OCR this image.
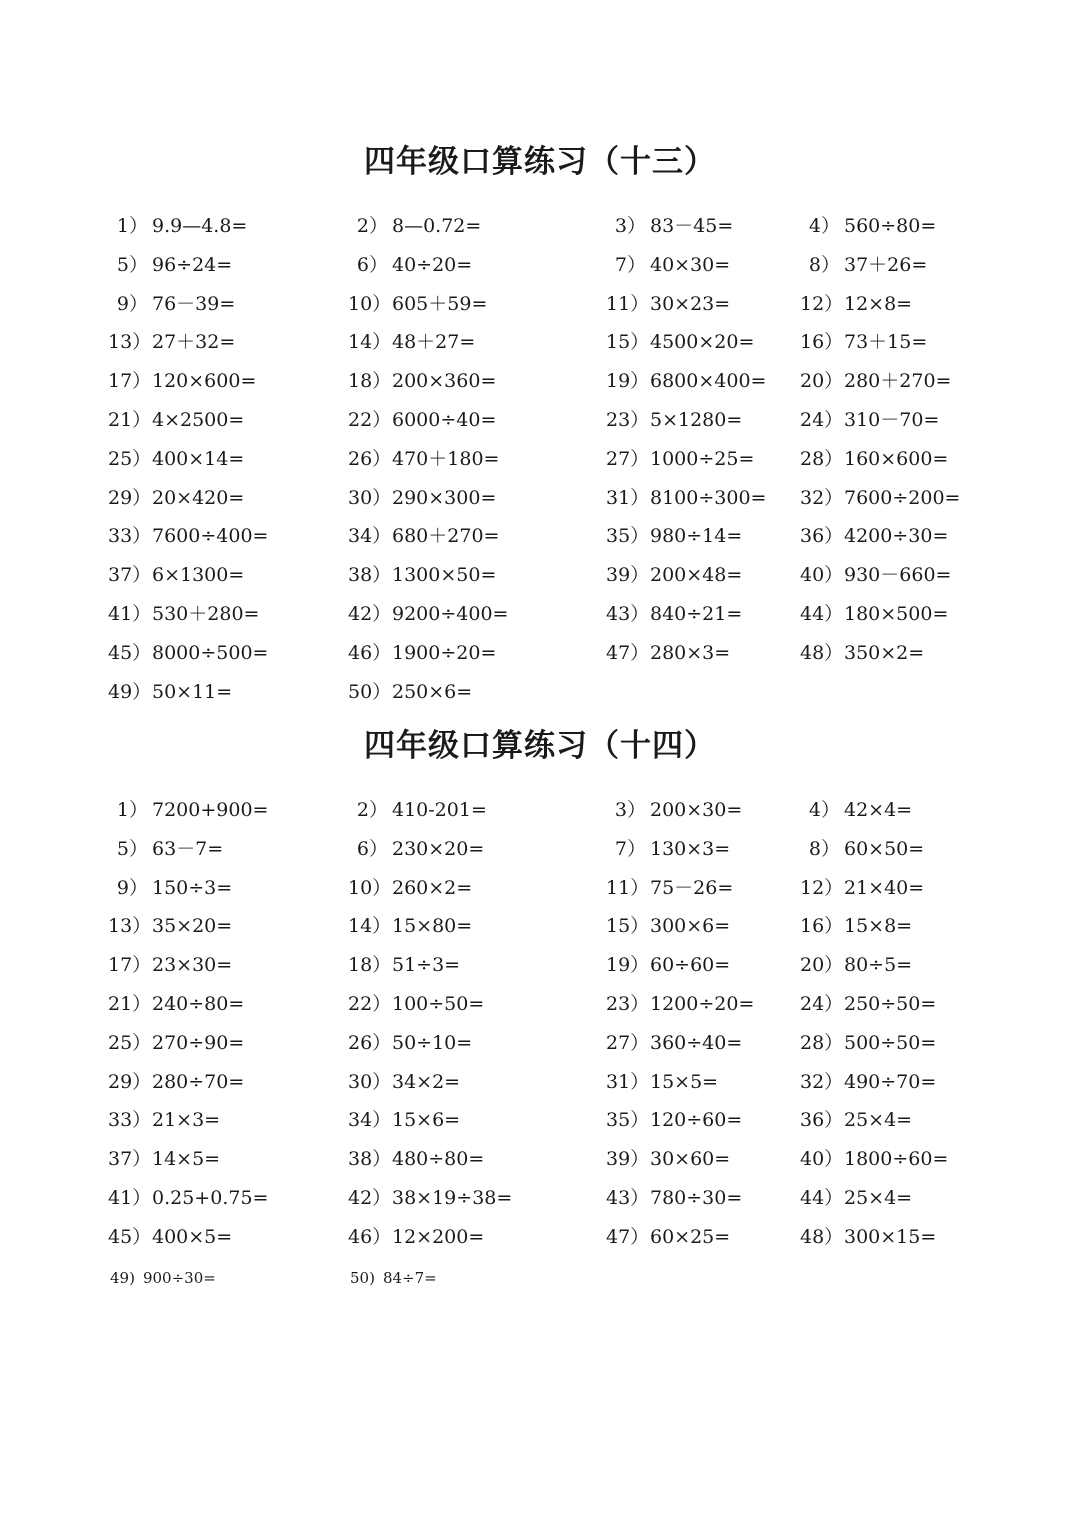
四年级口算练习（十三）
1） 9.9—4.8=	2） 8—0.72=	3） 83－45=	4） 560÷80=
5） 96÷24=	6） 40÷20=	7） 40×30=	8） 37＋26=
9） 76－39=	10）605＋59=	11）30×23=	12）12×8=
13）27＋32=	14）48＋27=	15）4500×20= 16）73＋15=
17）120×600=	18）200×360=	19）6800×400= 20）280＋270=
21）4×2500=	22）6000÷40=	23）5×1280=	24）310－70=
25）400×14=	26）470＋180=	27）1000÷25= 28）160×600=
29）20×420=	30）290×300=	31）8100÷300= 32）7600÷200=
33）7600÷400=	34）680＋270=	35）980÷14=	36）4200÷30=
37）6×1300=	38）1300×50=	39）200×48=	40）930－660=
41）530＋280=	42）9200÷400=	43）840÷21=	44）180×500=
45）8000÷500=	46）1900÷20=	47）280×3=	48）350×2=
49）50×11=	50）250×6=
四年级口算练习（十四）
1） 7200+900=	2） 410-201=	3） 200×30=	4） 42×4=
5） 63－7=	6） 230×20=	7） 130×3=	8） 60×50=
9） 150÷3=	10）260×2=	11）75－26=	12）21×40=
13）35×20=	14）15×80=	15）300×6=	16）15×8=
17）23×30=	18）51÷3=	19）60÷60=	20）80÷5=
21）240÷80=	22）100÷50=	23）1200÷20= 24）250÷50=
25）270÷90=	26）50÷10=	27）360÷40=	28）500÷50=
29）280÷70=	30）34×2=	31）15×5=	32）490÷70=
33）21×3=	34）15×6=	35）120÷60=	36）25×4=
37）14×5=	38）480÷80=	39）30×60=	40）1800÷60=
41）0.25+0.75=	42）38×19÷38=	43）780÷30=	44）25×4=
45）400×5=	46）12×200=	47）60×25=	48）300×15=
49) 900÷30=	50) 84÷7=
